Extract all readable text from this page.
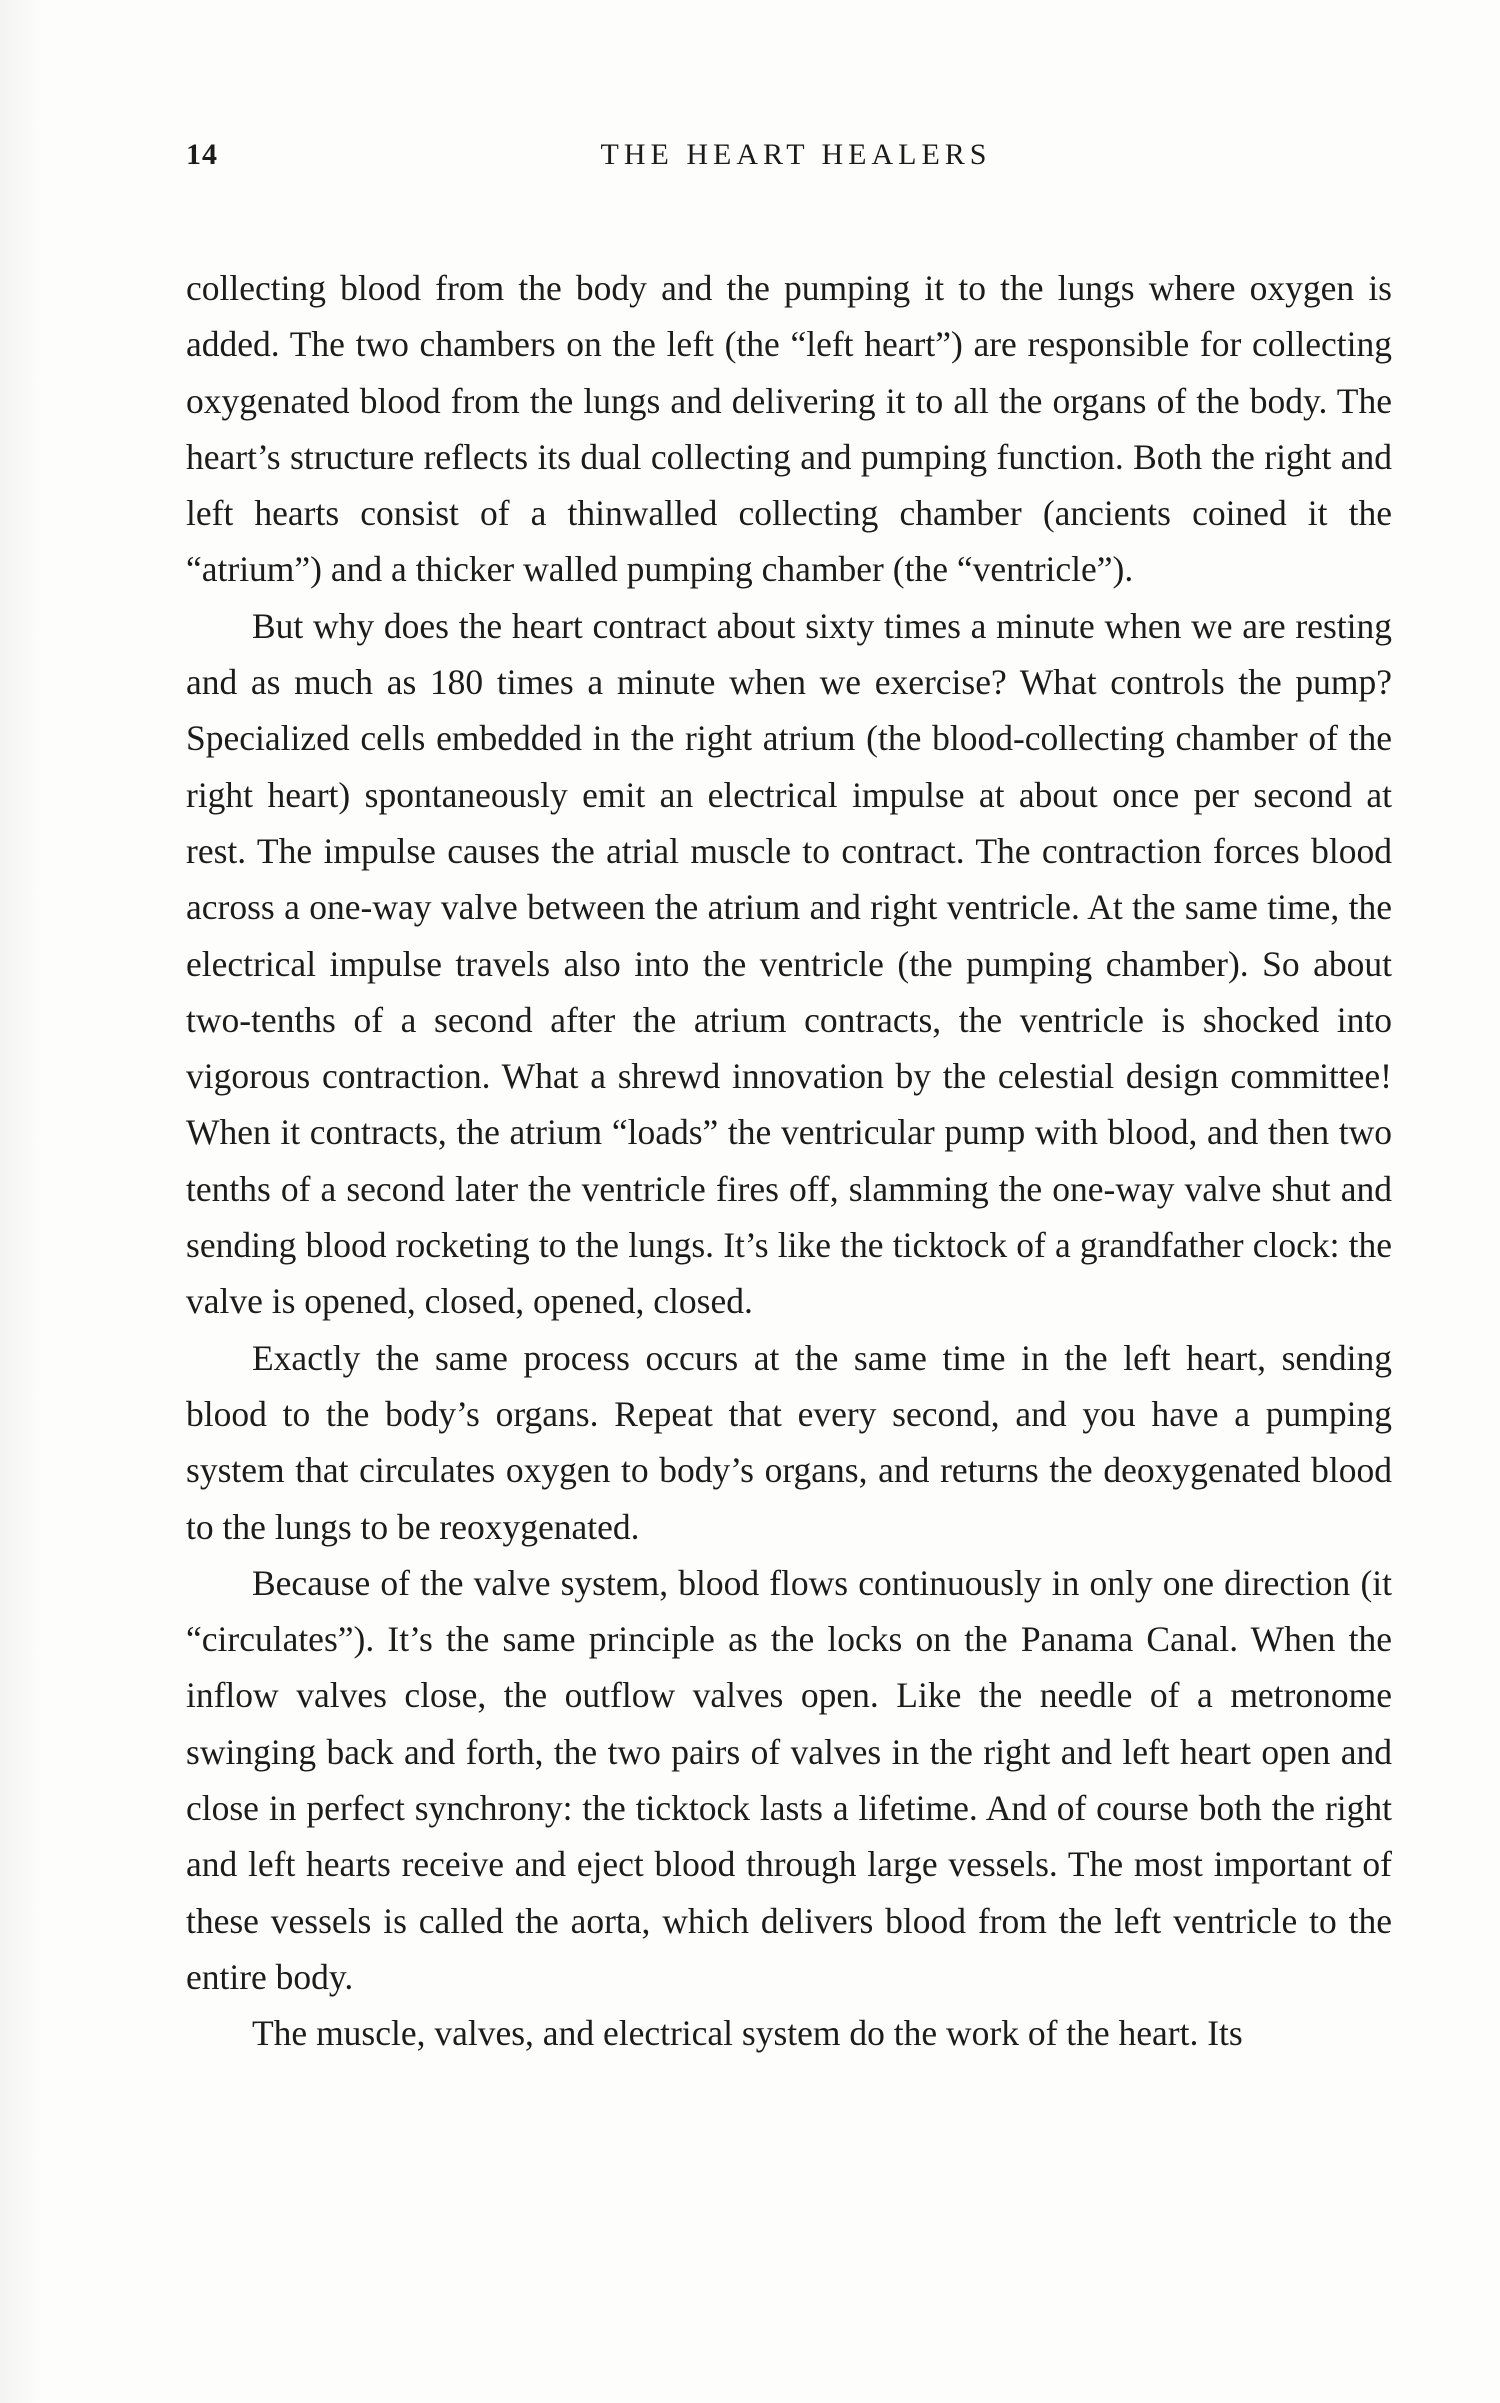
14	THE HEART HEALERS

collecting blood from the body and the pumping it to the lungs where oxygen is added. The two chambers on the left (the “left heart”) are responsible for collecting oxygenated blood from the lungs and delivering it to all the organs of the body. The heart’s structure reflects its dual collecting and pumping function. Both the right and left hearts consist of a thinwalled collecting chamber (ancients coined it the “atrium”) and a thicker walled pumping chamber (the “ventricle”).

But why does the heart contract about sixty times a minute when we are resting and as much as 180 times a minute when we exercise? What controls the pump? Specialized cells embedded in the right atrium (the blood-collecting chamber of the right heart) spontaneously emit an electrical impulse at about once per second at rest. The impulse causes the atrial muscle to contract. The contraction forces blood across a one-way valve between the atrium and right ventricle. At the same time, the electrical impulse travels also into the ventricle (the pumping chamber). So about two-tenths of a second after the atrium contracts, the ventricle is shocked into vigorous contraction. What a shrewd innovation by the celestial design committee! When it contracts, the atrium “loads” the ventricular pump with blood, and then two tenths of a second later the ventricle fires off, slamming the one-way valve shut and sending blood rocketing to the lungs. It’s like the ticktock of a grandfather clock: the valve is opened, closed, opened, closed.

Exactly the same process occurs at the same time in the left heart, sending blood to the body’s organs. Repeat that every second, and you have a pumping system that circulates oxygen to body’s organs, and returns the deoxygenated blood to the lungs to be reoxygenated.

Because of the valve system, blood flows continuously in only one direction (it “circulates”). It’s the same principle as the locks on the Panama Canal. When the inflow valves close, the outflow valves open. Like the needle of a metronome swinging back and forth, the two pairs of valves in the right and left heart open and close in perfect synchrony: the ticktock lasts a lifetime. And of course both the right and left hearts receive and eject blood through large vessels. The most important of these vessels is called the aorta, which delivers blood from the left ventricle to the entire body.

The muscle, valves, and electrical system do the work of the heart. Its
